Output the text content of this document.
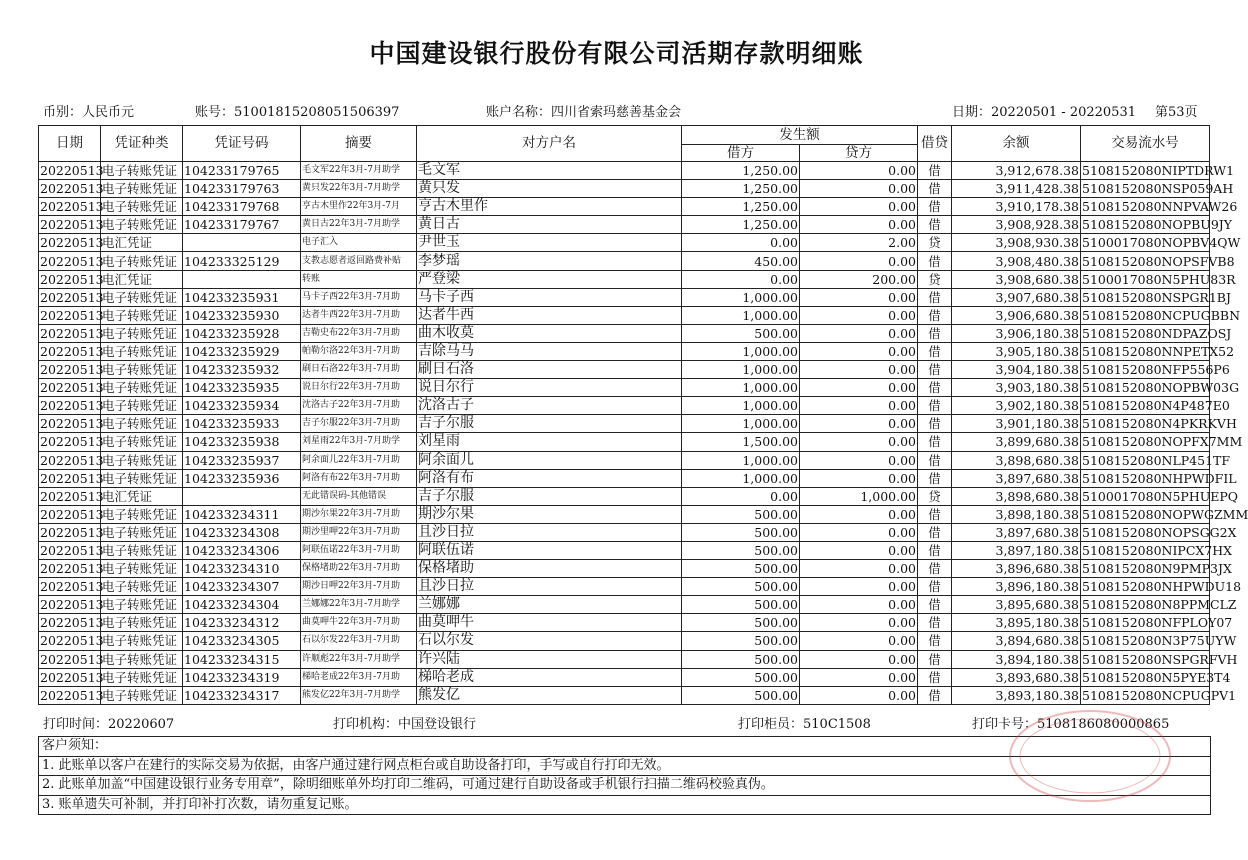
中国建设银行股份有限公司活期存款明细账
币别：人民币元	账号：51001815208051506397	账户名称：四川省索玛慈善基金会	日期：20220501 - 20220531 第53页
日期	凭证种类	凭证号码	摘要	对方户名	发生额		借贷	余额	交易流水号
					借方	贷方			
20220513	电子转账凭证	104233179765	毛文军22年3月-7月助学	毛文军	1,250.00	0.00	借	3,912,678.38	5108152080NIPTDRW1
20220513	电子转账凭证	104233179763	黄只发22年3月-7月助学	黄只发	1,250.00	0.00	借	3,911,428.38	5108152080NSP059AH
20220513	电子转账凭证	104233179768	亨古木里作22年3月-7月	亨古木里作	1,250.00	0.00	借	3,910,178.38	5108152080NNPVAW26
20220513	电子转账凭证	104233179767	黄日古22年3月-7月助学	黄日古	1,250.00	0.00	借	3,908,928.38	5108152080NOPBU9JY
20220513	电汇凭证		电子汇入	尹世玉	0.00	2.00	贷	3,908,930.38	5100017080NOPBV4QW
20220513	电子转账凭证	104233325129	支教志愿者返回路费补贴	李梦瑶	450.00	0.00	借	3,908,480.38	5108152080NOPSFVB8
20220513	电汇凭证		转账	严登梁	0.00	200.00	贷	3,908,680.38	5100017080N5PHU83R
20220513	电子转账凭证	104233235931	马卡子西22年3月-7月助	马卡子西	1,000.00	0.00	借	3,907,680.38	5108152080NSPGR1BJ
20220513	电子转账凭证	104233235930	达者牛西22年3月-7月助	达者牛西	1,000.00	0.00	借	3,906,680.38	5108152080NCPUGBBN
20220513	电子转账凭证	104233235928	吉勒史布22年3月-7月助	曲木收莫	500.00	0.00	借	3,906,180.38	5108152080NDPAZOSJ
20220513	电子转账凭证	104233235929	帕勒尔洛22年3月-7月助	吉除马马	1,000.00	0.00	借	3,905,180.38	5108152080NNPETX52
20220513	电子转账凭证	104233235932	刷日石洛22年3月-7月助	刷日石洛	1,000.00	0.00	借	3,904,180.38	5108152080NFP556P6
20220513	电子转账凭证	104233235935	说日尔行22年3月-7月助	说日尔行	1,000.00	0.00	借	3,903,180.38	5108152080NOPBW03G
20220513	电子转账凭证	104233235934	沈洛古子22年3月-7月助	沈洛古子	1,000.00	0.00	借	3,902,180.38	5108152080N4P487E0
20220513	电子转账凭证	104233235933	吉子尔服22年3月-7月助	吉子尔服	1,000.00	0.00	借	3,901,180.38	5108152080N4PKRKVH
20220513	电子转账凭证	104233235938	刘星雨22年3月-7月助学	刘星雨	1,500.00	0.00	借	3,899,680.38	5108152080NOPFX7MM
20220513	电子转账凭证	104233235937	阿余面儿22年3月-7月助	阿余面儿	1,000.00	0.00	借	3,898,680.38	5108152080NLP451TF
20220513	电子转账凭证	104233235936	阿洛有布22年3月-7月助	阿洛有布	1,000.00	0.00	借	3,897,680.38	5108152080NHPWDFIL
20220513	电汇凭证		无此错误码-其他错误	吉子尔服	0.00	1,000.00	贷	3,898,680.38	5100017080N5PHUEPQ
20220513	电子转账凭证	104233234311	期沙尔果22年3月-7月助	期沙尔果	500.00	0.00	借	3,898,180.38	5108152080NOPWGZMM
20220513	电子转账凭证	104233234308	期沙里呷22年3月-7月助	且沙日拉	500.00	0.00	借	3,897,680.38	5108152080NOPSGG2X
20220513	电子转账凭证	104233234306	阿联伍诺22年3月-7月助	阿联伍诺	500.00	0.00	借	3,897,180.38	5108152080NIPCX7HX
20220513	电子转账凭证	104233234310	保格堵助22年3月-7月助	保格堵助	500.00	0.00	借	3,896,680.38	5108152080N9PMP3JX
20220513	电子转账凭证	104233234307	期沙日呷22年3月-7月助	且沙日拉	500.00	0.00	借	3,896,180.38	5108152080NHPWDU18
20220513	电子转账凭证	104233234304	兰娜娜22年3月-7月助学	兰娜娜	500.00	0.00	借	3,895,680.38	5108152080N8PPMCLZ
20220513	电子转账凭证	104233234312	曲莫呷牛22年3月-7月助	曲莫呷牛	500.00	0.00	借	3,895,180.38	5108152080NFPLOY07
20220513	电子转账凭证	104233234305	石以尔发22年3月-7月助	石以尔发	500.00	0.00	借	3,894,680.38	5108152080N3P75UYW
20220513	电子转账凭证	104233234315	许顺彪22年3月-7月助学	许兴陆	500.00	0.00	借	3,894,180.38	5108152080NSPGRFVH
20220513	电子转账凭证	104233234319	梯哈老成22年3月-7月助	梯哈老成	500.00	0.00	借	3,893,680.38	5108152080N5PYE3T4
20220513	电子转账凭证	104233234317	熊发亿22年3月-7月助学	熊发亿	500.00	0.00	借	3,893,180.38	5108152080NCPUGPV1
打印时间：20220607	打印机构：中国登设银行	打印柜员：510C1508	打印卡号：5108186080000865
客户须知：
1. 此账单以客户在建行的实际交易为依据，由客户通过建行网点柜台或自助设备打印，手写或自行打印无效。
2. 此账单加盖“中国建设银行业务专用章”，除明细账单外均打印二维码，可通过建行自助设备或手机银行扫描二维码校验真伪。
3. 账单遗失可补制，并打印补打次数，请勿重复记账。
